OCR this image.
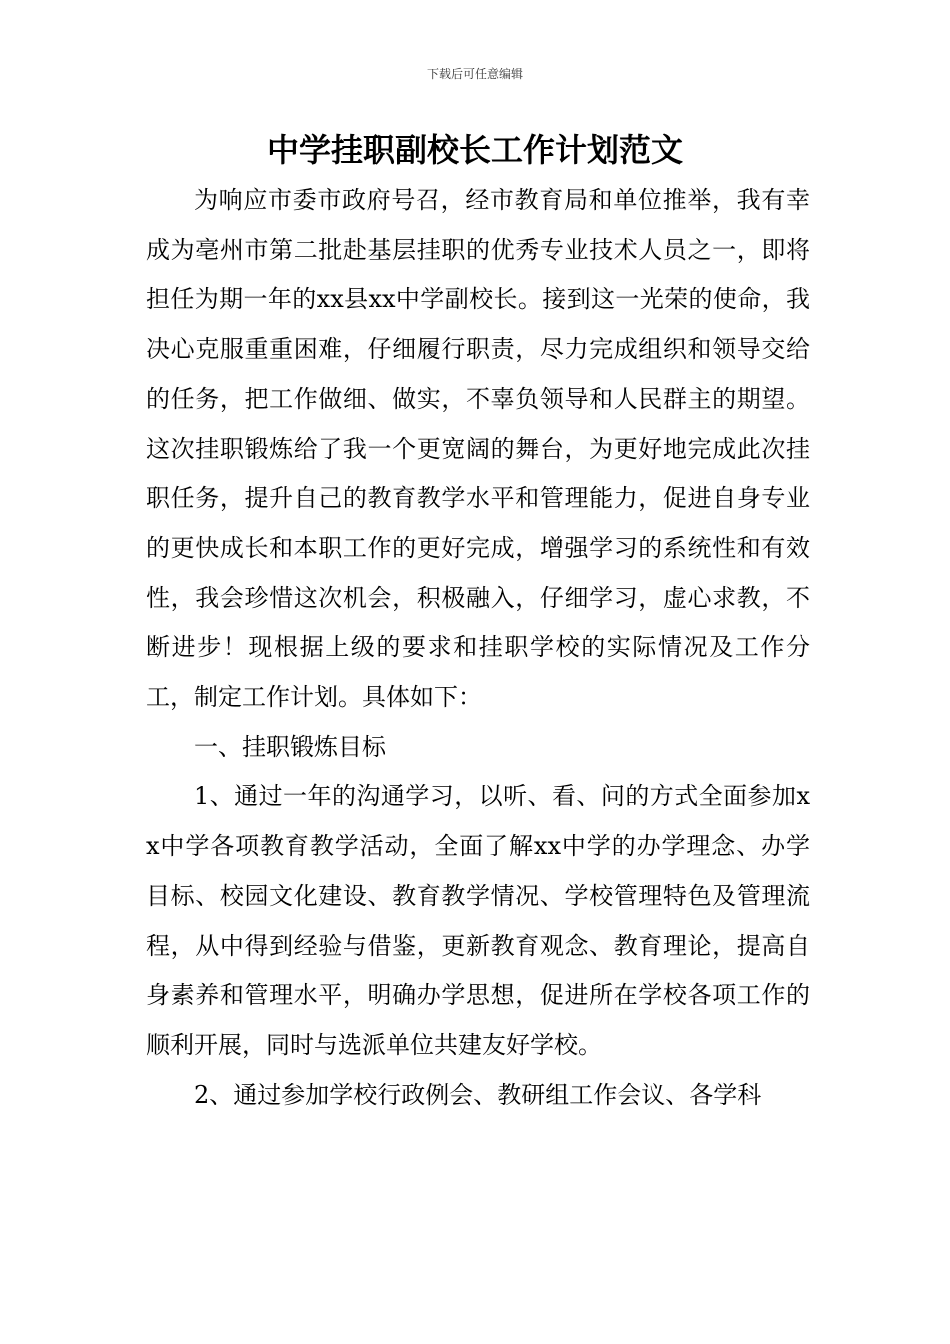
下载后可任意编辑
中学挂职副校长工作计划范文

为响应市委市政府号召，经市教育局和单位推举，我有幸成为亳州市第二批赴基层挂职的优秀专业技术人员之一，即将担任为期一年的xx县xx中学副校长。接到这一光荣的使命，我决心克服重重困难，仔细履行职责，尽力完成组织和领导交给的任务，把工作做细、做实，不辜负领导和人民群主的期望。这次挂职锻炼给了我一个更宽阔的舞台，为更好地完成此次挂职任务，提升自己的教育教学水平和管理能力，促进自身专业的更快成长和本职工作的更好完成，增强学习的系统性和有效性，我会珍惜这次机会，积极融入，仔细学习，虚心求教，不断进步！现根据上级的要求和挂职学校的实际情况及工作分工，制定工作计划。具体如下：

一、挂职锻炼目标

1、通过一年的沟通学习，以听、看、问的方式全面参加xx中学各项教育教学活动，全面了解xx中学的办学理念、办学目标、校园文化建设、教育教学情况、学校管理特色及管理流程，从中得到经验与借鉴，更新教育观念、教育理论，提高自身素养和管理水平，明确办学思想，促进所在学校各项工作的顺利开展，同时与选派单位共建友好学校。

2、通过参加学校行政例会、教研组工作会议、各学科
